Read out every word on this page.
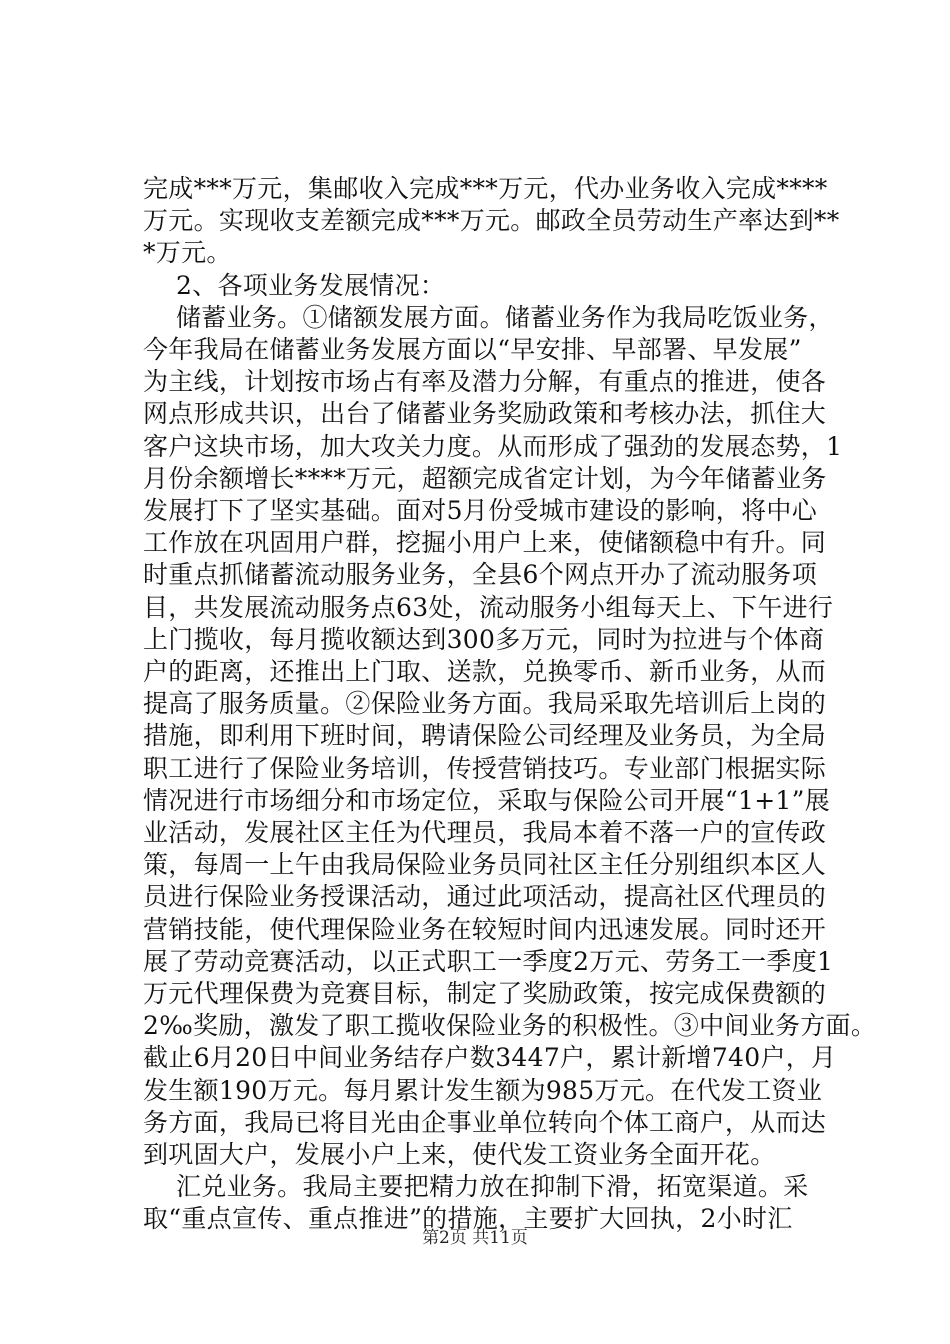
完成***万元，集邮收入完成***万元，代办业务收入完成****
万元。实现收支差额完成***万元。邮政全员劳动生产率达到**
*万元。
2、各项业务发展情况：
储蓄业务。①储额发展方面。储蓄业务作为我局吃饭业务，
今年我局在储蓄业务发展方面以“早安排、早部署、早发展”
为主线，计划按市场占有率及潜力分解，有重点的推进，使各
网点形成共识，出台了储蓄业务奖励政策和考核办法，抓住大
客户这块市场，加大攻关力度。从而形成了强劲的发展态势，1
月份余额增长****万元，超额完成省定计划，为今年储蓄业务
发展打下了坚实基础。面对5月份受城市建设的影响，将中心
工作放在巩固用户群，挖掘小用户上来，使储额稳中有升。同
时重点抓储蓄流动服务业务，全县6个网点开办了流动服务项
目，共发展流动服务点63处，流动服务小组每天上、下午进行
上门揽收，每月揽收额达到300多万元，同时为拉进与个体商
户的距离，还推出上门取、送款，兑换零币、新币业务，从而
提高了服务质量。②保险业务方面。我局采取先培训后上岗的
措施，即利用下班时间，聘请保险公司经理及业务员，为全局
职工进行了保险业务培训，传授营销技巧。专业部门根据实际
情况进行市场细分和市场定位，采取与保险公司开展“1+1”展
业活动，发展社区主任为代理员，我局本着不落一户的宣传政
策，每周一上午由我局保险业务员同社区主任分别组织本区人
员进行保险业务授课活动，通过此项活动，提高社区代理员的
营销技能，使代理保险业务在较短时间内迅速发展。同时还开
展了劳动竞赛活动，以正式职工一季度2万元、劳务工一季度1
万元代理保费为竞赛目标，制定了奖励政策，按完成保费额的
2‰奖励，激发了职工揽收保险业务的积极性。③中间业务方面。
截止6月20日中间业务结存户数3447户，累计新增740户，月
发生额190万元。每月累计发生额为985万元。在代发工资业
务方面，我局已将目光由企事业单位转向个体工商户，从而达
到巩固大户，发展小户上来，使代发工资业务全面开花。
汇兑业务。我局主要把精力放在抑制下滑，拓宽渠道。采
取“重点宣传、重点推进”的措施，主要扩大回执，2小时汇
第2页 共11页
